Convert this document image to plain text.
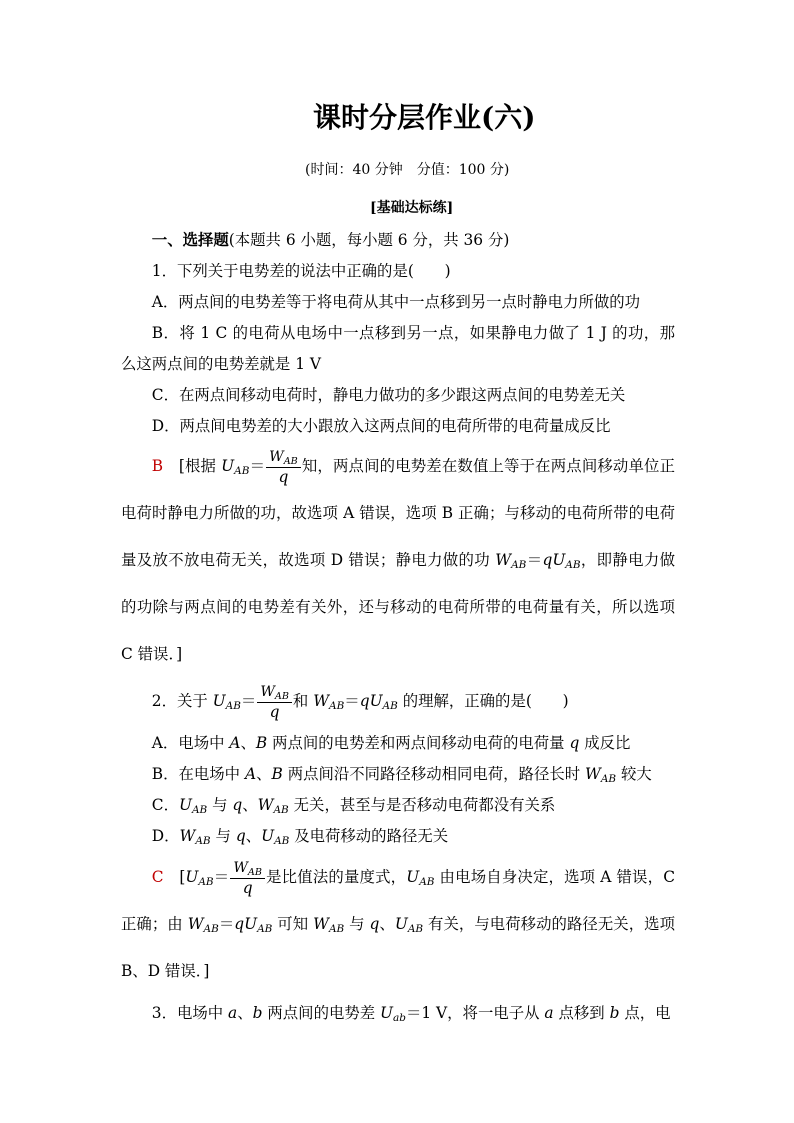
课时分层作业(六)
(时间：40 分钟　分值：100 分)
[基础达标练]

一、选择题(本题共 6 小题，每小题 6 分，共 36 分)

1．下列关于电势差的说法中正确的是(　　)

A．两点间的电势差等于将电荷从其中一点移到另一点时静电力所做的功

B．将 1 C 的电荷从电场中一点移到另一点，如果静电力做了 1 J 的功，那么这两点间的电势差就是 1 V

C．在两点间移动电荷时，静电力做功的多少跟这两点间的电势差无关

D．两点间电势差的大小跟放入这两点间的电荷所带的电荷量成反比

B　[根据 $U_{AB}= \frac{W_{AB}}{q}$ 知，两点间的电势差在数值上等于在两点间移动单位正电荷时静电力所做的功，故选项 A 错误，选项 B 正确；与移动的电荷所带的电荷量及放不放电荷无关，故选项 D 错误；静电力做的功 $W_{AB}=qU_{AB}$，即静电力做的功除与两点间的电势差有关外，还与移动的电荷所带的电荷量有关，所以选项 C 错误．]

2．关于 $U_{AB}= \frac{W_{AB}}{q}$ 和 $W_{AB}=qU_{AB}$ 的理解，正确的是(　　)

A．电场中 A、B 两点间的电势差和两点间移动电荷的电荷量 q 成反比

B．在电场中 A、B 两点间沿不同路径移动相同电荷，路径长时 $W_{AB}$ 较大

C．$U_{AB}$ 与 q、$W_{AB}$ 无关，甚至与是否移动电荷都没有关系

D．$W_{AB}$ 与 q、$U_{AB}$ 及电荷移动的路径无关

C　[$U_{AB}= \frac{W_{AB}}{q}$ 是比值法的量度式，$U_{AB}$ 由电场自身决定，选项 A 错误，C 正确；由 $W_{AB}=qU_{AB}$ 可知 $W_{AB}$ 与 q、$U_{AB}$ 有关，与电荷移动的路径无关，选项 B、D 错误．]

3．电场中 a、b 两点间的电势差 $U_{ab}=1$ V，将一电子从 a 点移到 b 点，电
